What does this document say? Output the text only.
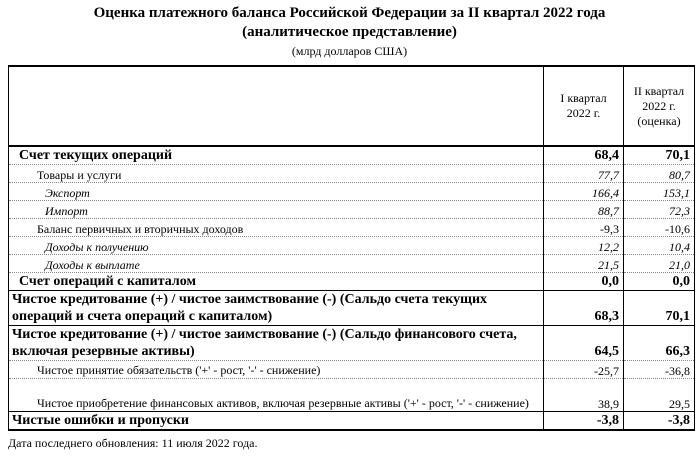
Оценка платежного баланса Российской Федерации за II квартал 2022 года
(аналитическое представление)
(млрд долларов США)
	I квартал 2022 г.	II квартал 2022 г. (оценка)
Счет текущих операций	68,4	70,1
Товары и услуги	77,7	80,7
Экспорт	166,4	153,1
Импорт	88,7	72,3
Баланс первичных и вторичных доходов	-9,3	-10,6
Доходы к получению	12,2	10,4
Доходы к выплате	21,5	21,0
Счет операций с капиталом	0,0	0,0
Чистое кредитование (+) / чистое заимствование (-) (Сальдо счета текущих операций и счета операций с капиталом)	68,3	70,1
Чистое кредитование (+) / чистое заимствование (-) (Сальдо финансового счета, включая резервные активы)	64,5	66,3
Чистое принятие обязательств ('+' - рост, '-' - снижение)	-25,7	-36,8
Чистое приобретение финансовых активов, включая резервные активы ('+' - рост, '-' - снижение)	38,9	29,5
Чистые ошибки и пропуски	-3,8	-3,8
Дата последнего обновления: 11 июля 2022 года.
